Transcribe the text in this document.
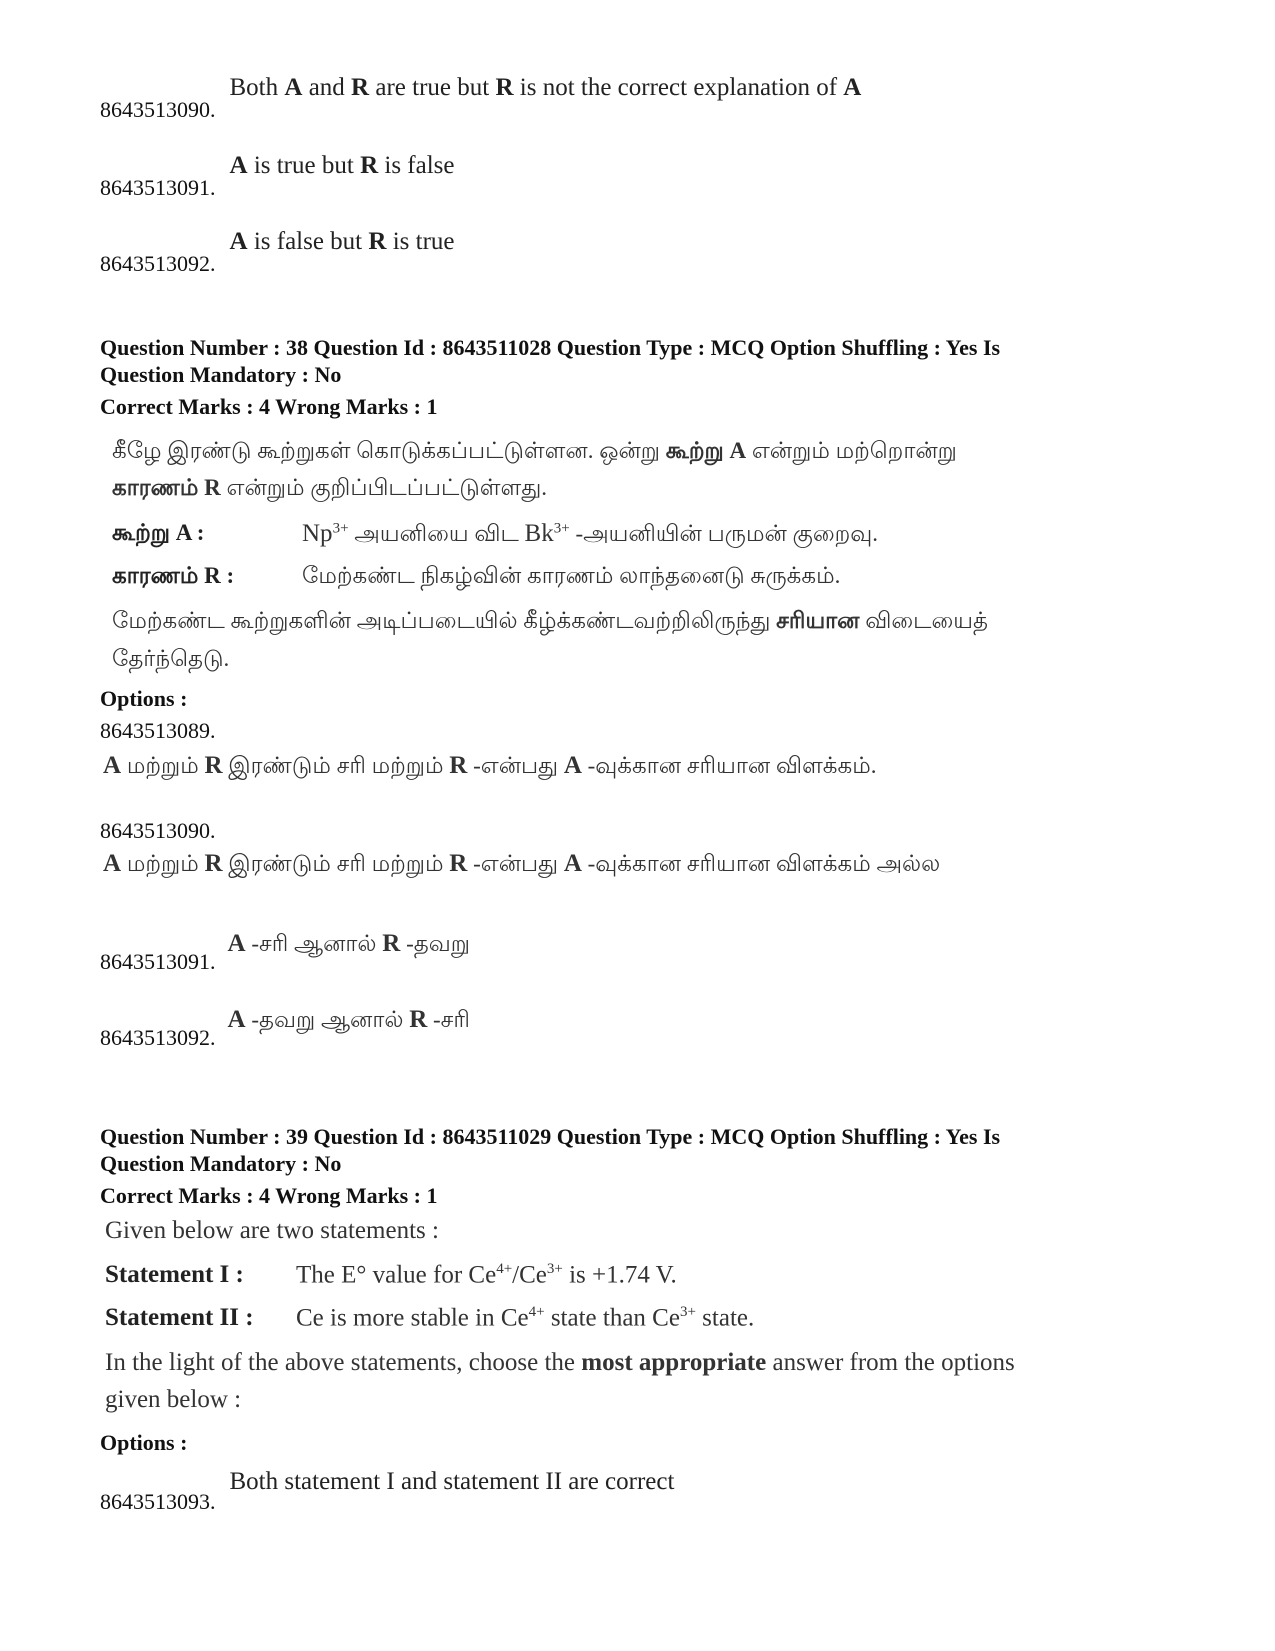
8643513090. Both A and R are true but R is not the correct explanation of A
8643513091. A is true but R is false
8643513092. A is false but R is true
Question Number : 38 Question Id : 8643511028 Question Type : MCQ Option Shuffling : Yes Is
Question Mandatory : No
Correct Marks : 4 Wrong Marks : 1
கீழே இரண்டு கூற்றுகள் கொடுக்கப்பட்டுள்ளன. ஒன்று கூற்று A என்றும் மற்றொன்று
காரணம் R என்றும் குறிப்பிடப்பட்டுள்ளது.
கூற்று A :	$Np^{3+}$ அயனியை விட $Bk^{3+}$ -அயனியின் பருமன் குறைவு.
காரணம் R :	மேற்கண்ட நிகழ்வின் காரணம் லாந்தனைடு சுருக்கம்.
மேற்கண்ட கூற்றுகளின் அடிப்படையில் கீழ்க்கண்டவற்றிலிருந்து சரியான விடையைத்
தேர்ந்தெடு.
Options :
8643513089.
A மற்றும் R இரண்டும் சரி மற்றும் R -என்பது A -வுக்கான சரியான விளக்கம்.
8643513090.
A மற்றும் R இரண்டும் சரி மற்றும் R -என்பது A -வுக்கான சரியான விளக்கம் அல்ல
8643513091. A -சரி ஆனால் R -தவறு
8643513092. A -தவறு ஆனால் R -சரி
Question Number : 39 Question Id : 8643511029 Question Type : MCQ Option Shuffling : Yes Is
Question Mandatory : No
Correct Marks : 4 Wrong Marks : 1
Given below are two statements :
Statement I : The E° value for $Ce^{4+}/Ce^{3+}$ is +1.74 V.
Statement II : Ce is more stable in $Ce^{4+}$ state than $Ce^{3+}$ state.
In the light of the above statements, choose the most appropriate answer from the options
given below :
Options :
8643513093. Both statement I and statement II are correct
